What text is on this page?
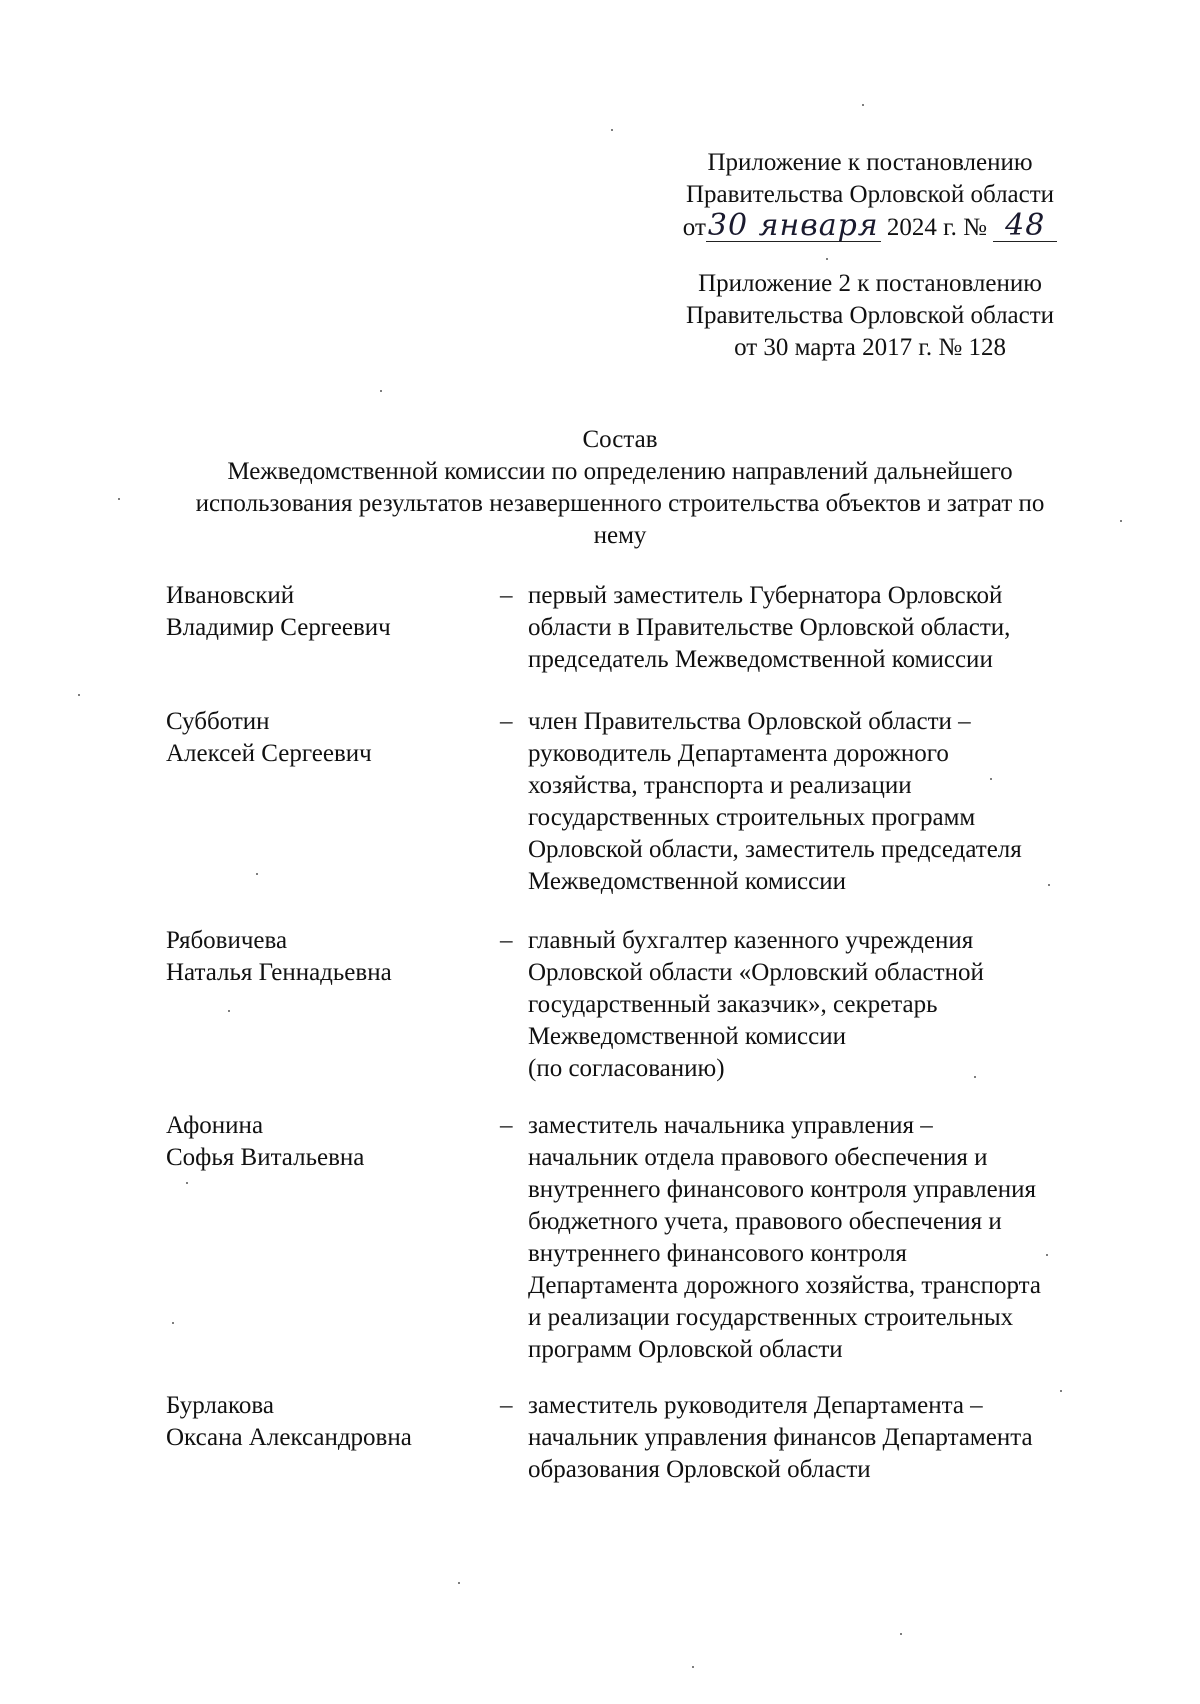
Приложение к постановлению
Правительства Орловской области
от30 января 2024 г. № 48
Приложение 2 к постановлению
Правительства Орловской области
от 30 марта 2017 г. № 128
Состав
Межведомственной комиссии по определению направлений дальнейшего
использования результатов незавершенного строительства объектов и затрат по
нему
Ивановский
Владимир Сергеевич
– первый заместитель Губернатора Орловской
области в Правительстве Орловской области,
председатель Межведомственной комиссии
Субботин
Алексей Сергеевич
– член Правительства Орловской области –
руководитель Департамента дорожного
хозяйства, транспорта и реализации
государственных строительных программ
Орловской области, заместитель председателя
Межведомственной комиссии
Рябовичева
Наталья Геннадьевна
– главный бухгалтер казенного учреждения
Орловской области «Орловский областной
государственный заказчик», секретарь
Межведомственной комиссии
(по согласованию)
Афонина
Софья Витальевна
– заместитель начальника управления –
начальник отдела правового обеспечения и
внутреннего финансового контроля управления
бюджетного учета, правового обеспечения и
внутреннего финансового контроля
Департамента дорожного хозяйства, транспорта
и реализации государственных строительных
программ Орловской области
Бурлакова
Оксана Александровна
– заместитель руководителя Департамента –
начальник управления финансов Департамента
образования Орловской области
